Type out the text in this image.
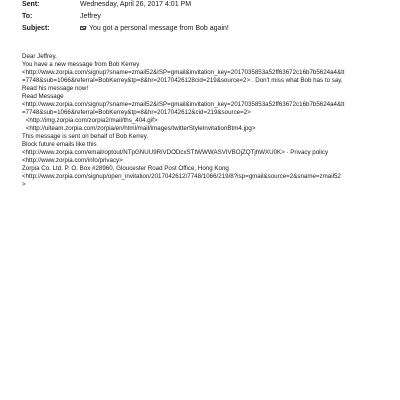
Sent:	Wednesday, April 26, 2017 4:01 PM
To:	Jeffrey
Subject:	You got a personal message from Bob again!
Dear Jeffrey,
You have a new message from Bob Kerrey
<http://www.zorpia.com/signup?sname=zmail52&ISP=gmail&invitation_key=2017035853a52ff63672c16b7b5624a4&tt
=7748&sub=1066&referral=BobKerrey&tp=8&hr=20170426128cid=219&source=2> . Don't miss what Bob has to say.
Read his message now!
Read Message
<http://www.zorpia.com/signup?sname=zmail52&ISP=gmail&invitation_key=2017035853a52ff63672c16b7b5624a4&tt
=7748&sub=1066&referral=BobKerrey&tp=8&hr=2017042612&cid=219&source=2>
<http://img.zorpia.com/zorpia2/mail/ths_404.gif>
<http://uiteam.zorpia.com/zorpia/en/html/mail/images/twitterStyleInvitationBtm4.jpg>
This message is sent on behalf of Bob Kerrey.
Block future emails like this
<http://www.zorpia.com/email/optout/NTpGNUU9RiVDODcxSTtWWWASVIVBOjZQTjhWXU0K> · Privacy policy
<http://www.zorpia.com/info/privacy>
Zorpia Co. Ltd. P. O. Box #28960, Gloucester Road Post Office, Hong Kong
<http://www.zorpia.com/signup/open_invitation/2017042612/7748/1066/219/8?isp=gmail&source=2&sname=zmail52
>
